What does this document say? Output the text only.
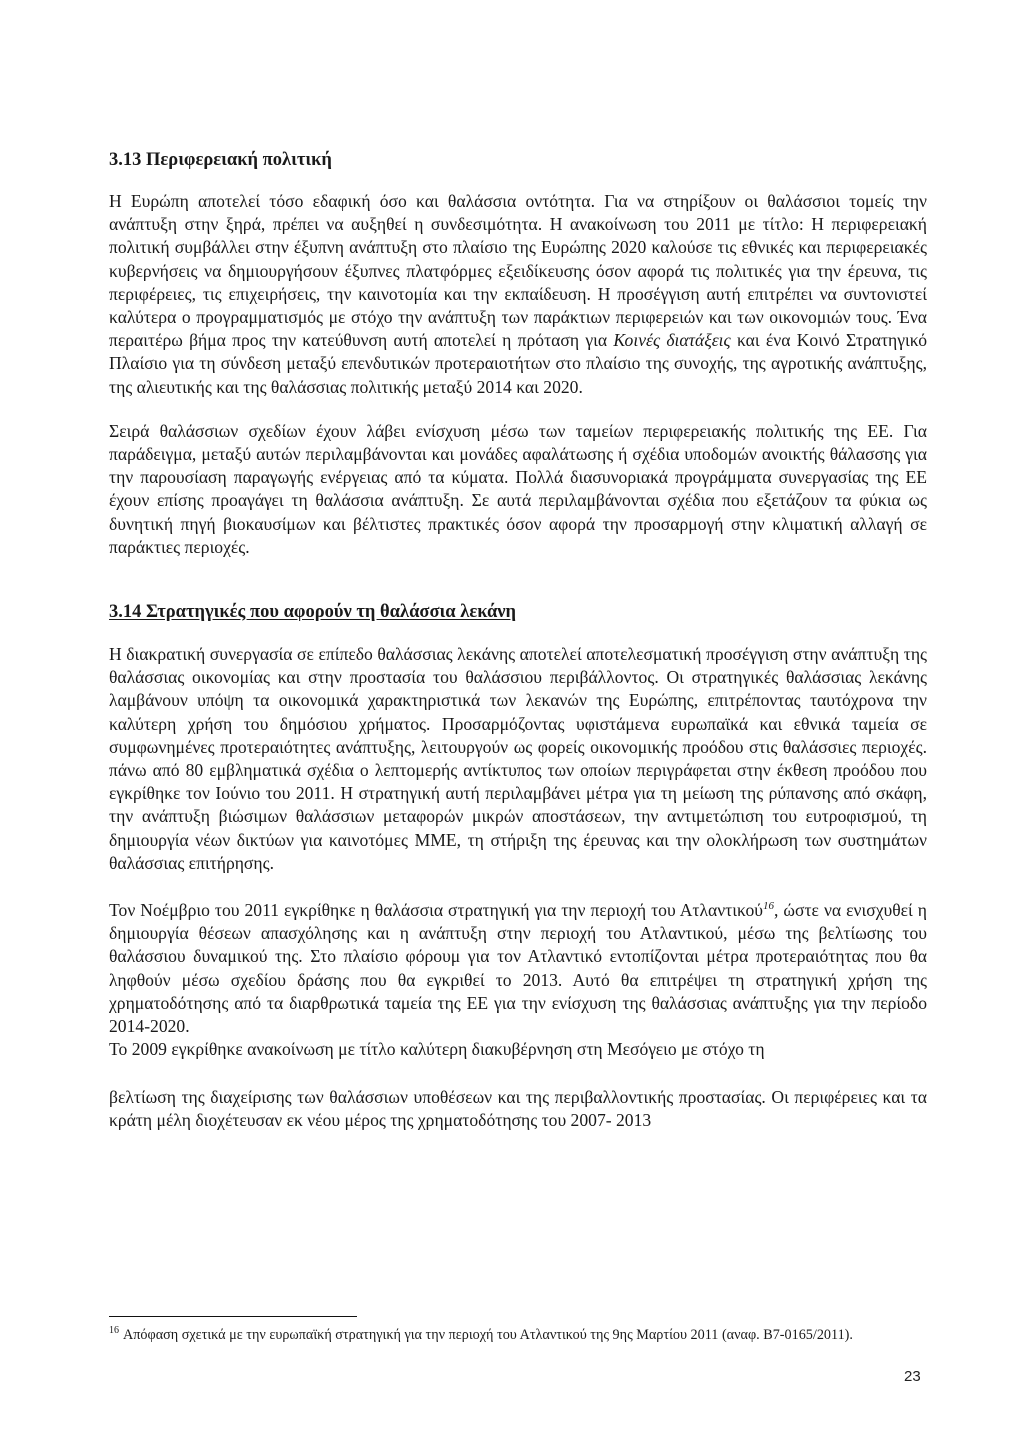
3.13 Περιφερειακή πολιτική

Η Ευρώπη αποτελεί τόσο εδαφική όσο και θαλάσσια οντότητα. Για να στηρίξουν οι θαλάσσιοι τομείς την ανάπτυξη στην ξηρά, πρέπει να αυξηθεί η συνδεσιμότητα. Η ανακοίνωση του 2011 με τίτλο: Η περιφερειακή πολιτική συμβάλλει στην έξυπνη ανάπτυξη στο πλαίσιο της Ευρώπης 2020 καλούσε τις εθνικές και περιφερειακές κυβερνήσεις να δημιουργήσουν έξυπνες πλατφόρμες εξειδίκευσης όσον αφορά τις πολιτικές για την έρευνα, τις περιφέρειες, τις επιχειρήσεις, την καινοτομία και την εκπαίδευση. Η προσέγγιση αυτή επιτρέπει να συντονιστεί καλύτερα ο προγραμματισμός με στόχο την ανάπτυξη των παράκτιων περιφερειών και των οικονομιών τους. Ένα περαιτέρω βήμα προς την κατεύθυνση αυτή αποτελεί η πρόταση για Κοινές διατάξεις και ένα Κοινό Στρατηγικό Πλαίσιο για τη σύνδεση μεταξύ επενδυτικών προτεραιοτήτων στο πλαίσιο της συνοχής, της αγροτικής ανάπτυξης, της αλιευτικής και της θαλάσσιας πολιτικής μεταξύ 2014 και 2020.

Σειρά θαλάσσιων σχεδίων έχουν λάβει ενίσχυση μέσω των ταμείων περιφερειακής πολιτικής της ΕΕ. Για παράδειγμα, μεταξύ αυτών περιλαμβάνονται και μονάδες αφαλάτωσης ή σχέδια υποδομών ανοικτής θάλασσης για την παρουσίαση παραγωγής ενέργειας από τα κύματα. Πολλά διασυνοριακά προγράμματα συνεργασίας της ΕΕ έχουν επίσης προαγάγει τη θαλάσσια ανάπτυξη. Σε αυτά περιλαμβάνονται σχέδια που εξετάζουν τα φύκια ως δυνητική πηγή βιοκαυσίμων και βέλτιστες πρακτικές όσον αφορά την προσαρμογή στην κλιματική αλλαγή σε παράκτιες περιοχές.

3.14 Στρατηγικές που αφορούν τη θαλάσσια λεκάνη

Η διακρατική συνεργασία σε επίπεδο θαλάσσιας λεκάνης αποτελεί αποτελεσματική προσέγγιση στην ανάπτυξη της θαλάσσιας οικονομίας και στην προστασία του θαλάσσιου περιβάλλοντος. Οι στρατηγικές θαλάσσιας λεκάνης λαμβάνουν υπόψη τα οικονομικά χαρακτηριστικά των λεκανών της Ευρώπης, επιτρέποντας ταυτόχρονα την καλύτερη χρήση του δημόσιου χρήματος. Προσαρμόζοντας υφιστάμενα ευρωπαϊκά και εθνικά ταμεία σε συμφωνημένες προτεραιότητες ανάπτυξης, λειτουργούν ως φορείς οικονομικής προόδου στις θαλάσσιες περιοχές. πάνω από 80 εμβληματικά σχέδια ο λεπτομερής αντίκτυπος των οποίων περιγράφεται στην έκθεση προόδου που εγκρίθηκε τον Ιούνιο του 2011. Η στρατηγική αυτή περιλαμβάνει μέτρα για τη μείωση της ρύπανσης από σκάφη, την ανάπτυξη βιώσιμων θαλάσσιων μεταφορών μικρών αποστάσεων, την αντιμετώπιση του ευτροφισμού, τη δημιουργία νέων δικτύων για καινοτόμες ΜΜΕ, τη στήριξη της έρευνας και την ολοκλήρωση των συστημάτων θαλάσσιας επιτήρησης.

Τον Νοέμβριο του 2011 εγκρίθηκε η θαλάσσια στρατηγική για την περιοχή του Ατλαντικού$^{16}$, ώστε να ενισχυθεί η δημιουργία θέσεων απασχόλησης και η ανάπτυξη στην περιοχή του Ατλαντικού, μέσω της βελτίωσης του θαλάσσιου δυναμικού της. Στο πλαίσιο φόρουμ για τον Ατλαντικό εντοπίζονται μέτρα προτεραιότητας που θα ληφθούν μέσω σχεδίου δράσης που θα εγκριθεί το 2013. Αυτό θα επιτρέψει τη στρατηγική χρήση της χρηματοδότησης από τα διαρθρωτικά ταμεία της ΕΕ για την ενίσχυση της θαλάσσιας ανάπτυξης για την περίοδο 2014-2020.

Το 2009 εγκρίθηκε ανακοίνωση με τίτλο καλύτερη διακυβέρνηση στη Μεσόγειο με στόχο τη

βελτίωση της διαχείρισης των θαλάσσιων υποθέσεων και της περιβαλλοντικής προστασίας. Οι περιφέρειες και τα κράτη μέλη διοχέτευσαν εκ νέου μέρος της χρηματοδότησης του 2007- 2013

$^{16}$ Απόφαση σχετικά με την ευρωπαϊκή στρατηγική για την περιοχή του Ατλαντικού της 9ης Μαρτίου 2011 (αναφ. B7-0165/2011).
23
